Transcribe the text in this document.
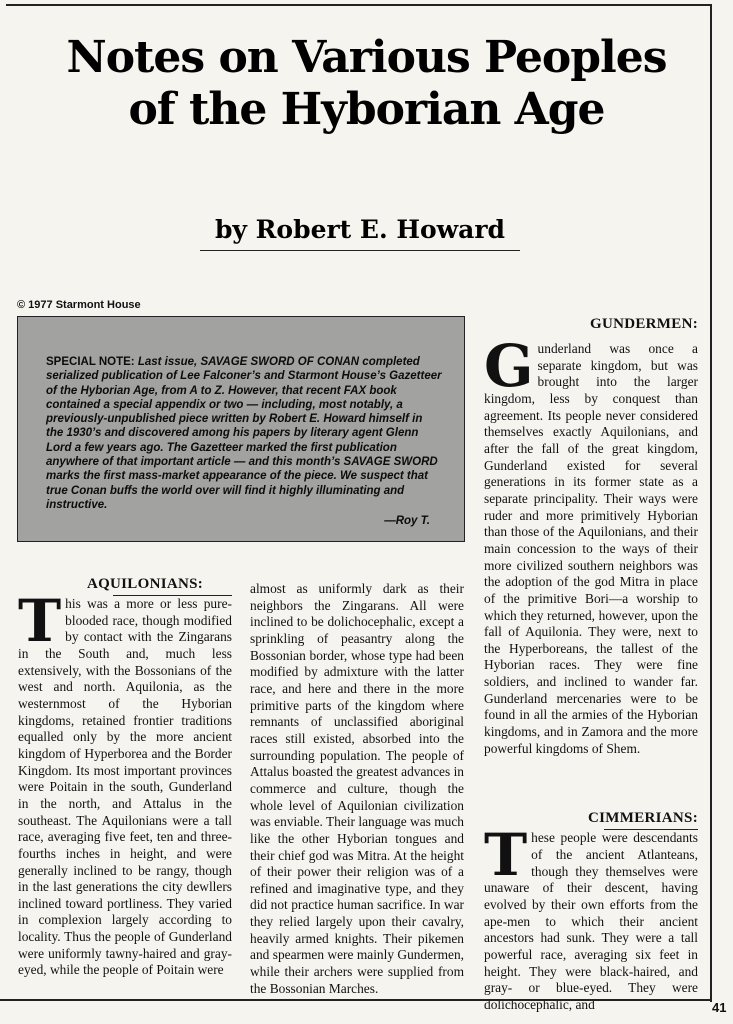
Notes on Various Peoples
of the Hyborian Age
by Robert E. Howard
© 1977 Starmont House
SPECIAL NOTE: Last issue, SAVAGE SWORD OF CONAN completed serialized publication of Lee Falconer’s and Starmont House’s Gazetteer of the Hyborian Age, from A to Z. However, that recent FAX book contained a special appendix or two — including, most notably, a previously-unpublished piece written by Robert E. Howard himself in the 1930’s and discovered among his papers by literary agent Glenn Lord a few years ago. The Gazetteer marked the first publication anywhere of that important article — and this month’s SAVAGE SWORD marks the first mass-market appearance of the piece. We suspect that true Conan buffs the world over will find it highly illuminating and instructive.
—Roy T.
AQUILONIANS:

This was a more or less pure-blooded race, though modified by contact with the Zingarans in the South and, much less extensively, with the Bossonians of the west and north. Aquilonia, as the westernmost of the Hyborian kingdoms, retained frontier traditions equalled only by the more ancient kingdom of Hyperborea and the Border Kingdom. Its most important provinces were Poitain in the south, Gunderland in the north, and Attalus in the southeast. The Aquilonians were a tall race, averaging five feet, ten and three-fourths inches in height, and were generally inclined to be rangy, though in the last generations the city dewllers inclined toward portliness. They varied in complexion largely according to locality. Thus the people of Gunderland were uniformly tawny-haired and gray-eyed, while the people of Poitain were

almost as uniformly dark as their neighbors the Zingarans. All were inclined to be dolichocephalic, except a sprinkling of peasantry along the Bossonian border, whose type had been modified by admixture with the latter race, and here and there in the more primitive parts of the kingdom where remnants of unclassified aboriginal races still existed, absorbed into the surrounding population. The people of Attalus boasted the greatest advances in commerce and culture, though the whole level of Aquilonian civilization was enviable. Their language was much like the other Hyborian tongues and their chief god was Mitra. At the height of their power their religion was of a refined and imaginative type, and they did not practice human sacrifice. In war they relied largely upon their cavalry, heavily armed knights. Their pikemen and spearmen were mainly Gundermen, while their archers were supplied from the Bossonian Marches.

GUNDERMEN:

Gunderland was once a separate kingdom, but was brought into the larger kingdom, less by conquest than agreement. Its people never considered themselves exactly Aquilonians, and after the fall of the great kingdom, Gunderland existed for several generations in its former state as a separate principality. Their ways were ruder and more primitively Hyborian than those of the Aquilonians, and their main concession to the ways of their more civilized southern neighbors was the adoption of the god Mitra in place of the primitive Bori—a worship to which they returned, however, upon the fall of Aquilonia. They were, next to the Hyperboreans, the tallest of the Hyborian races. They were fine soldiers, and inclined to wander far. Gunderland mercenaries were to be found in all the armies of the Hyborian kingdoms, and in Zamora and the more powerful kingdoms of Shem.

CIMMERIANS:

These people were descendants of the ancient Atlanteans, though they themselves were unaware of their descent, having evolved by their own efforts from the ape-men to which their ancient ancestors had sunk. They were a tall powerful race, averaging six feet in height. They were black-haired, and gray- or blue-eyed. They were dolichocephalic, and	41
